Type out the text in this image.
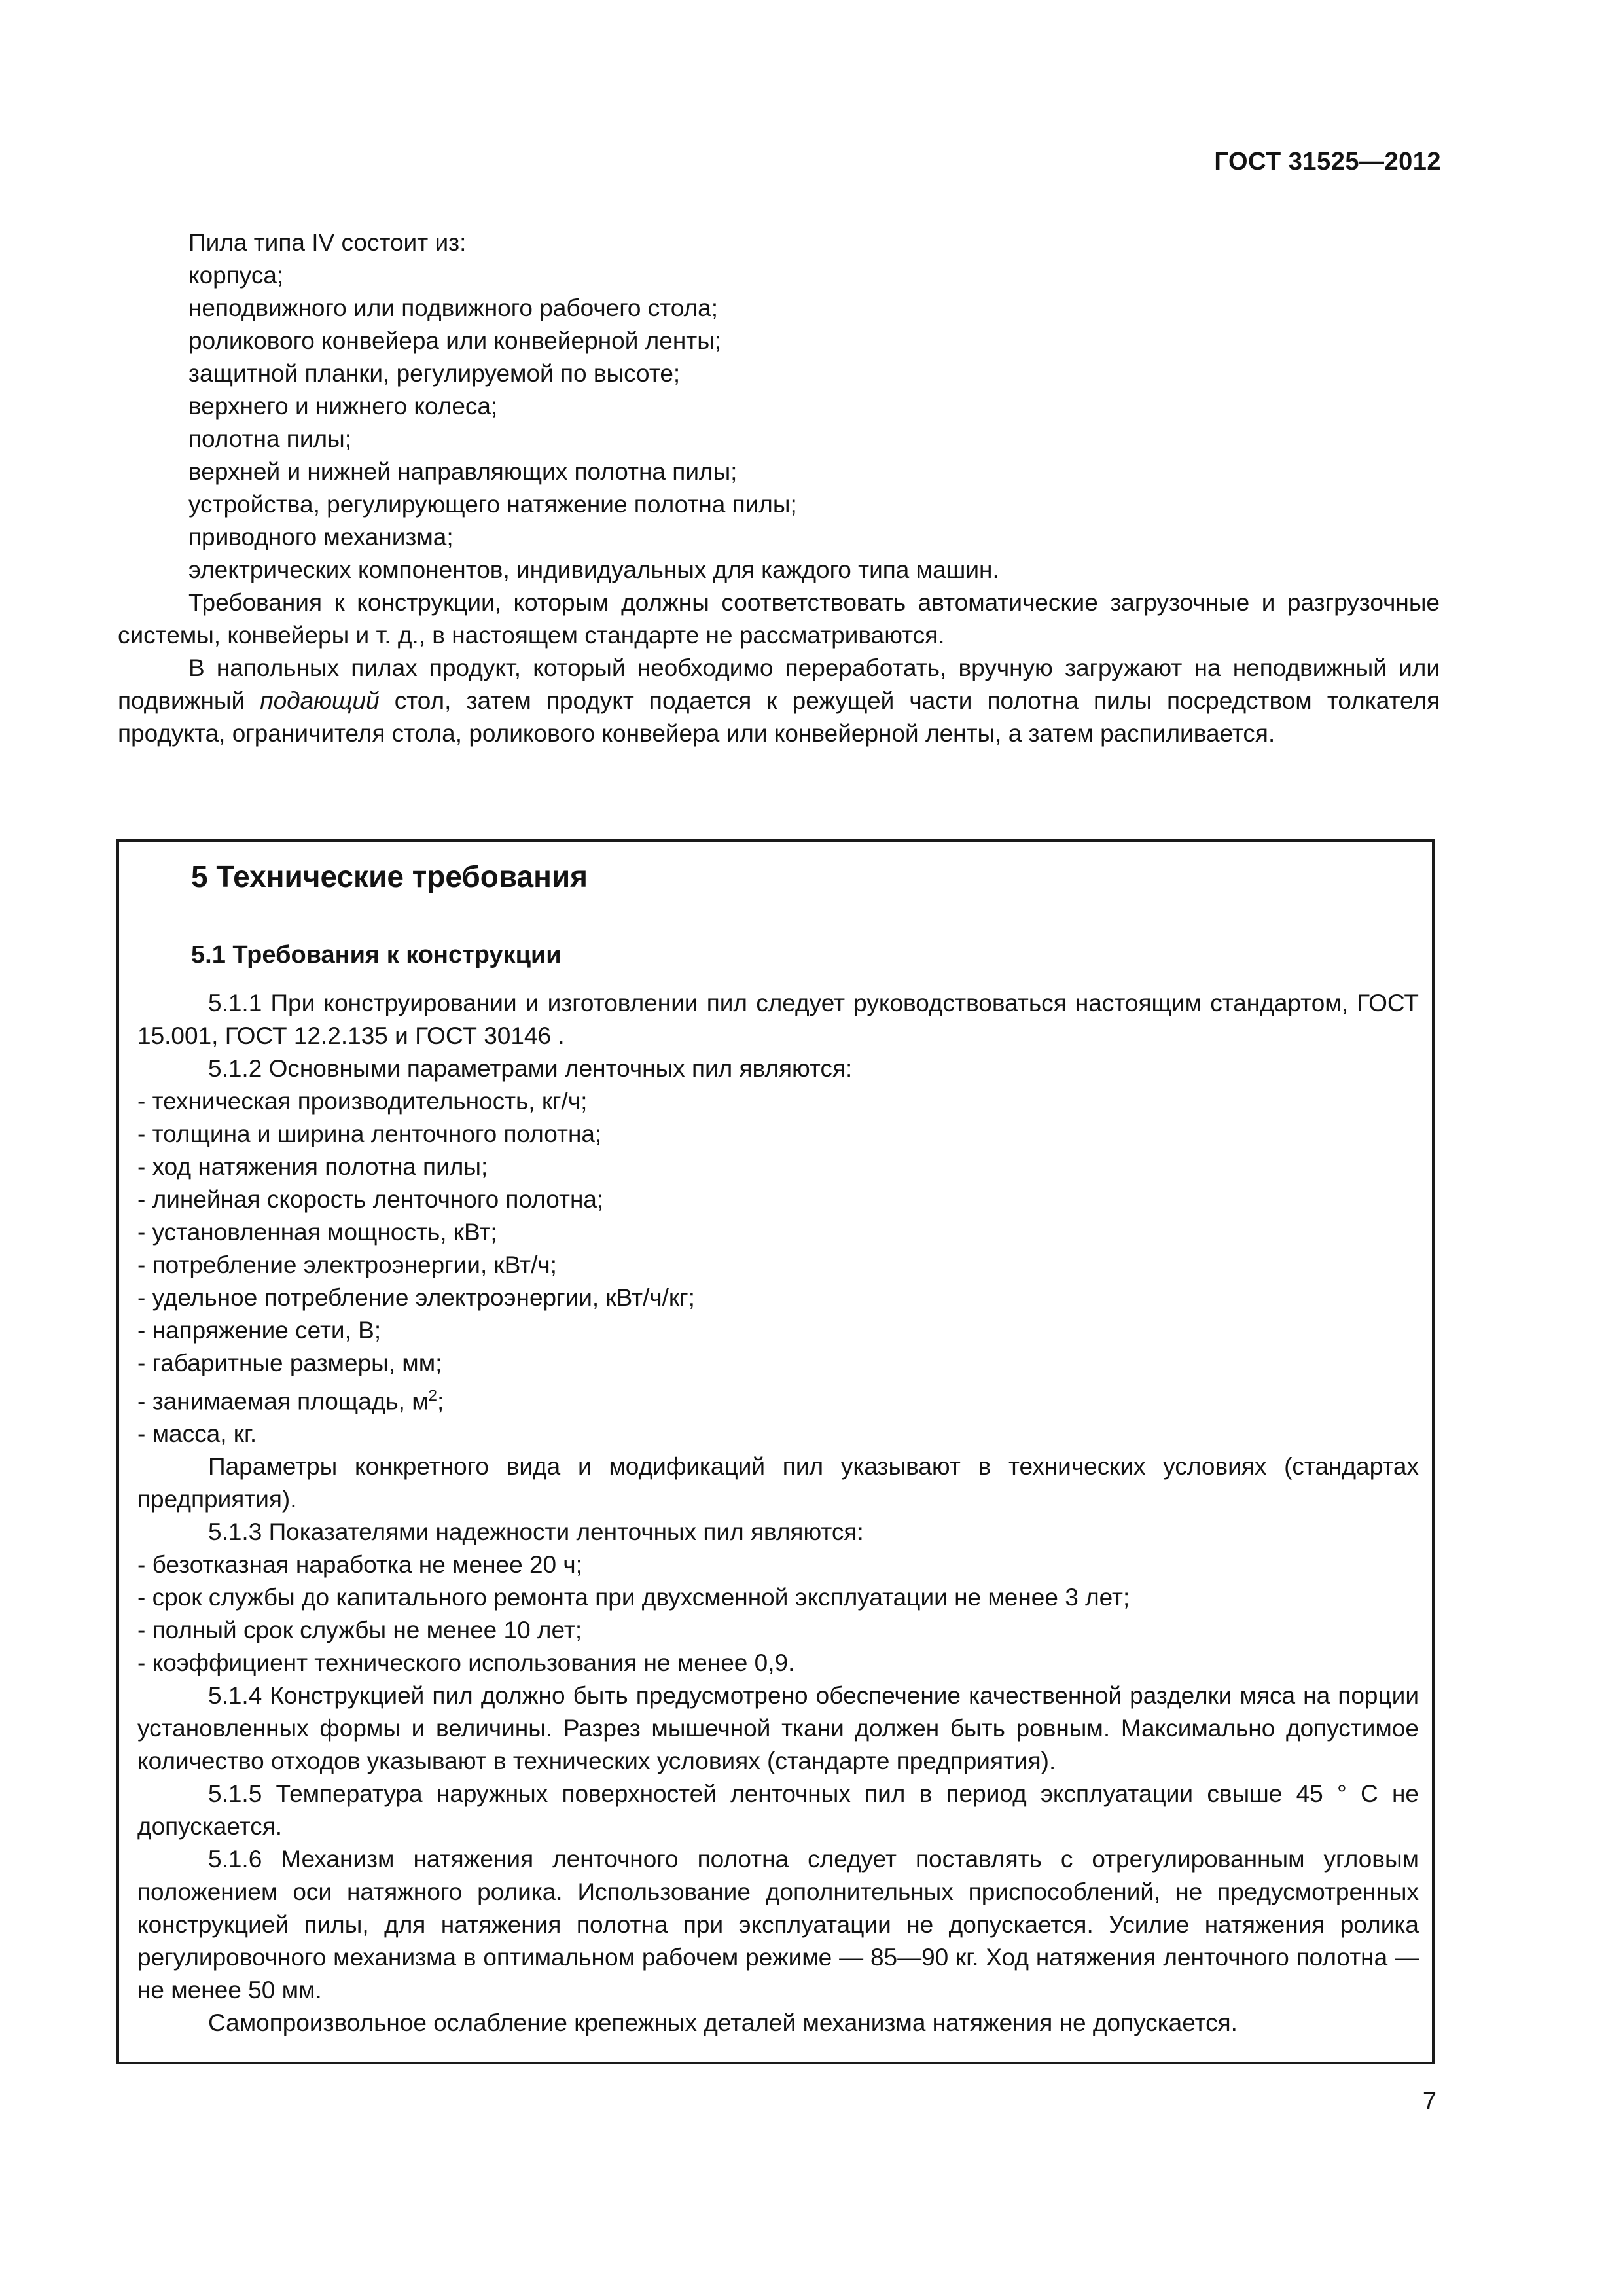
ГОСТ 31525—2012
Пила типа IV состоит из:
корпуса;
неподвижного или подвижного рабочего стола;
роликового конвейера или конвейерной ленты;
защитной планки, регулируемой по высоте;
верхнего и нижнего колеса;
полотна пилы;
верхней и нижней направляющих полотна пилы;
устройства, регулирующего натяжение полотна пилы;
приводного механизма;
электрических компонентов, индивидуальных для каждого типа машин.
Требования к конструкции, которым должны соответствовать автоматические загрузочные и разгрузочные системы, конвейеры и т. д., в настоящем стандарте не рассматриваются.
В напольных пилах продукт, который необходимо переработать, вручную загружают на неподвижный или подвижный подающий стол, затем продукт подается к режущей части полотна пилы посредством толкателя продукта, ограничителя стола, роликового конвейера или конвейерной ленты, а затем распиливается.
5 Технические требования
5.1 Требования к конструкции
5.1.1 При конструировании и изготовлении пил следует руководствоваться настоящим стандартом, ГОСТ 15.001, ГОСТ 12.2.135 и ГОСТ 30146 .
5.1.2 Основными параметрами ленточных пил являются:
- техническая производительность, кг/ч;
- толщина и ширина ленточного полотна;
- ход натяжения полотна пилы;
- линейная скорость ленточного полотна;
- установленная мощность, кВт;
- потребление электроэнергии, кВт/ч;
- удельное потребление электроэнергии, кВт/ч/кг;
- напряжение сети, В;
- габаритные размеры, мм;
- занимаемая площадь, $м^2$;
- масса, кг.
Параметры конкретного вида и модификаций пил указывают в технических условиях (стандартах предприятия).
5.1.3 Показателями надежности ленточных пил являются:
- безотказная наработка не менее 20 ч;
- срок службы до капитального ремонта при двухсменной эксплуатации не менее 3 лет;
- полный срок службы не менее 10 лет;
- коэффициент технического использования не менее 0,9.
5.1.4 Конструкцией пил должно быть предусмотрено обеспечение качественной разделки мяса на порции установленных формы и величины. Разрез мышечной ткани должен быть ровным. Максимально допустимое количество отходов указывают в технических условиях (стандарте предприятия).
5.1.5 Температура наружных поверхностей ленточных пил в период эксплуатации свыше 45 ° С не допускается.
5.1.6 Механизм натяжения ленточного полотна следует поставлять с отрегулированным угловым положением оси натяжного ролика. Использование дополнительных приспособлений, не предусмотренных конструкцией пилы, для натяжения полотна при эксплуатации не допускается. Усилие натяжения ролика регулировочного механизма в оптимальном рабочем режиме — 85—90 кг. Ход натяжения ленточного полотна — не менее 50 мм.
Самопроизвольное ослабление крепежных деталей механизма натяжения не допускается.
7
